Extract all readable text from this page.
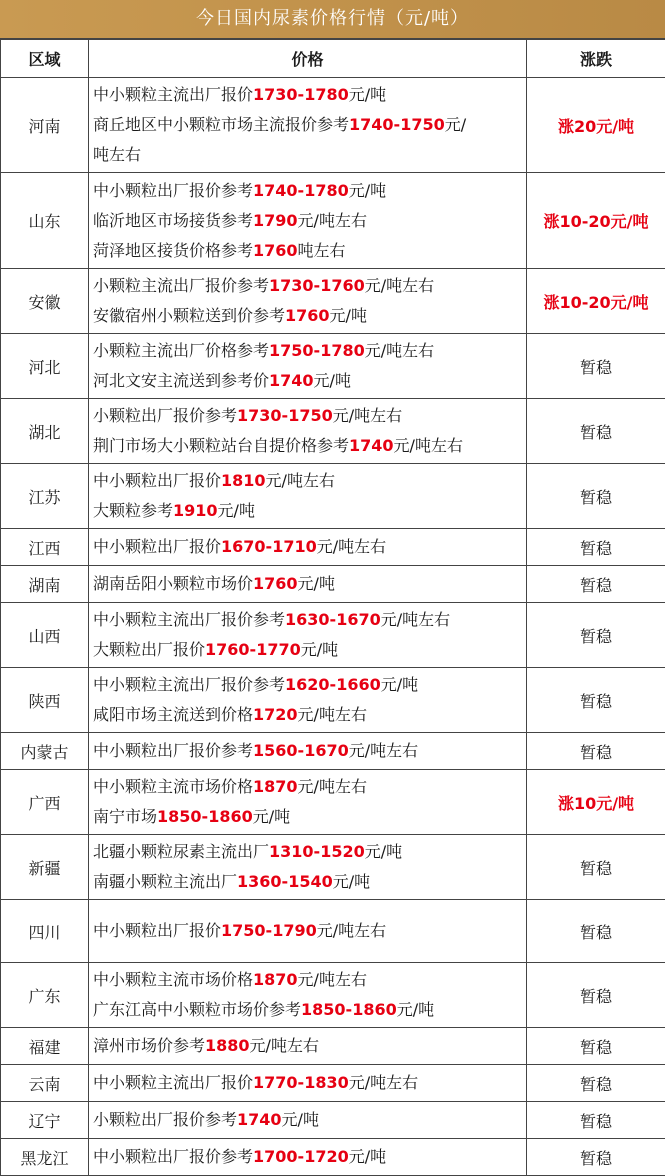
今日国内尿素价格行情（元/吨）
区域	价格	涨跌
河南	中小颗粒主流出厂报价1730-1780元/吨
商丘地区中小颗粒市场主流报价参考1740-1750元/
吨左右	涨20元/吨
山东	中小颗粒出厂报价参考1740-1780元/吨
临沂地区市场接货参考1790元/吨左右
菏泽地区接货价格参考1760吨左右	涨10-20元/吨
安徽	小颗粒主流出厂报价参考1730-1760元/吨左右
安徽宿州小颗粒送到价参考1760元/吨	涨10-20元/吨
河北	小颗粒主流出厂价格参考1750-1780元/吨左右
河北文安主流送到参考价1740元/吨	暂稳
湖北	小颗粒出厂报价参考1730-1750元/吨左右
荆门市场大小颗粒站台自提价格参考1740元/吨左右	暂稳
江苏	中小颗粒出厂报价1810元/吨左右
大颗粒参考1910元/吨	暂稳
江西	中小颗粒出厂报价1670-1710元/吨左右	暂稳
湖南	湖南岳阳小颗粒市场价1760元/吨	暂稳
山西	中小颗粒主流出厂报价参考1630-1670元/吨左右
大颗粒出厂报价1760-1770元/吨	暂稳
陕西	中小颗粒主流出厂报价参考1620-1660元/吨
咸阳市场主流送到价格1720元/吨左右	暂稳
内蒙古	中小颗粒出厂报价参考1560-1670元/吨左右	暂稳
广西	中小颗粒主流市场价格1870元/吨左右
南宁市场1850-1860元/吨	涨10元/吨
新疆	北疆小颗粒尿素主流出厂1310-1520元/吨
南疆小颗粒主流出厂1360-1540元/吨	暂稳
四川	中小颗粒出厂报价1750-1790元/吨左右	暂稳
广东	中小颗粒主流市场价格1870元/吨左右
广东江高中小颗粒市场价参考1850-1860元/吨	暂稳
福建	漳州市场价参考1880元/吨左右	暂稳
云南	中小颗粒主流出厂报价1770-1830元/吨左右	暂稳
辽宁	小颗粒出厂报价参考1740元/吨	暂稳
黑龙江	中小颗粒出厂报价参考1700-1720元/吨	暂稳
